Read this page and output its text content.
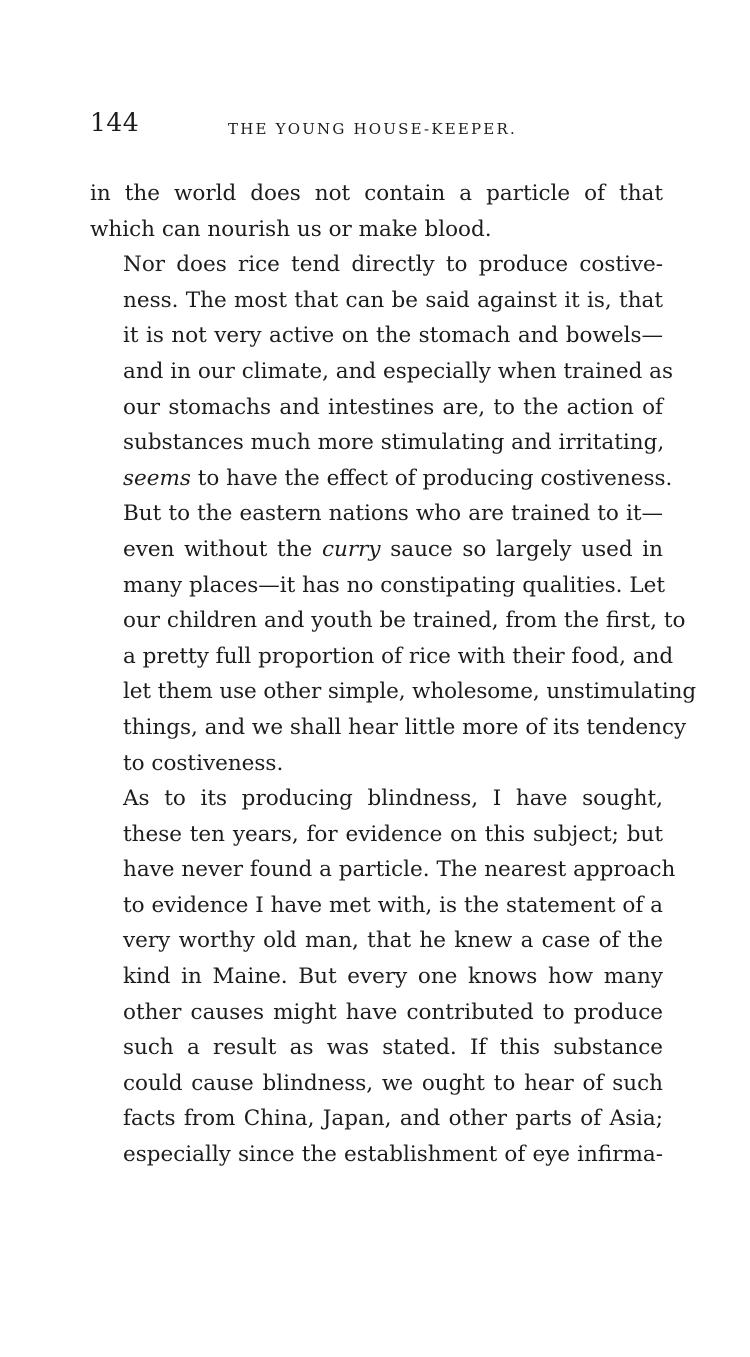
144	THE YOUNG HOUSE-KEEPER.

in the world does not contain a particle of that
which can nourish us or make blood.

Nor does rice tend directly to produce costive-
ness. The most that can be said against it is, that
it is not very active on the stomach and bowels—
and in our climate, and especially when trained as
our stomachs and intestines are, to the action of
substances much more stimulating and irritating,
seems to have the effect of producing costiveness.
But to the eastern nations who are trained to it—
even without the curry sauce so largely used in
many places—it has no constipating qualities. Let
our children and youth be trained, from the first, to
a pretty full proportion of rice with their food, and
let them use other simple, wholesome, unstimulating
things, and we shall hear little more of its tendency
to costiveness.

As to its producing blindness, I have sought,
these ten years, for evidence on this subject; but
have never found a particle. The nearest approach
to evidence I have met with, is the statement of a
very worthy old man, that he knew a case of the
kind in Maine. But every one knows how many
other causes might have contributed to produce
such a result as was stated. If this substance
could cause blindness, we ought to hear of such
facts from China, Japan, and other parts of Asia;
especially since the establishment of eye infirma-
